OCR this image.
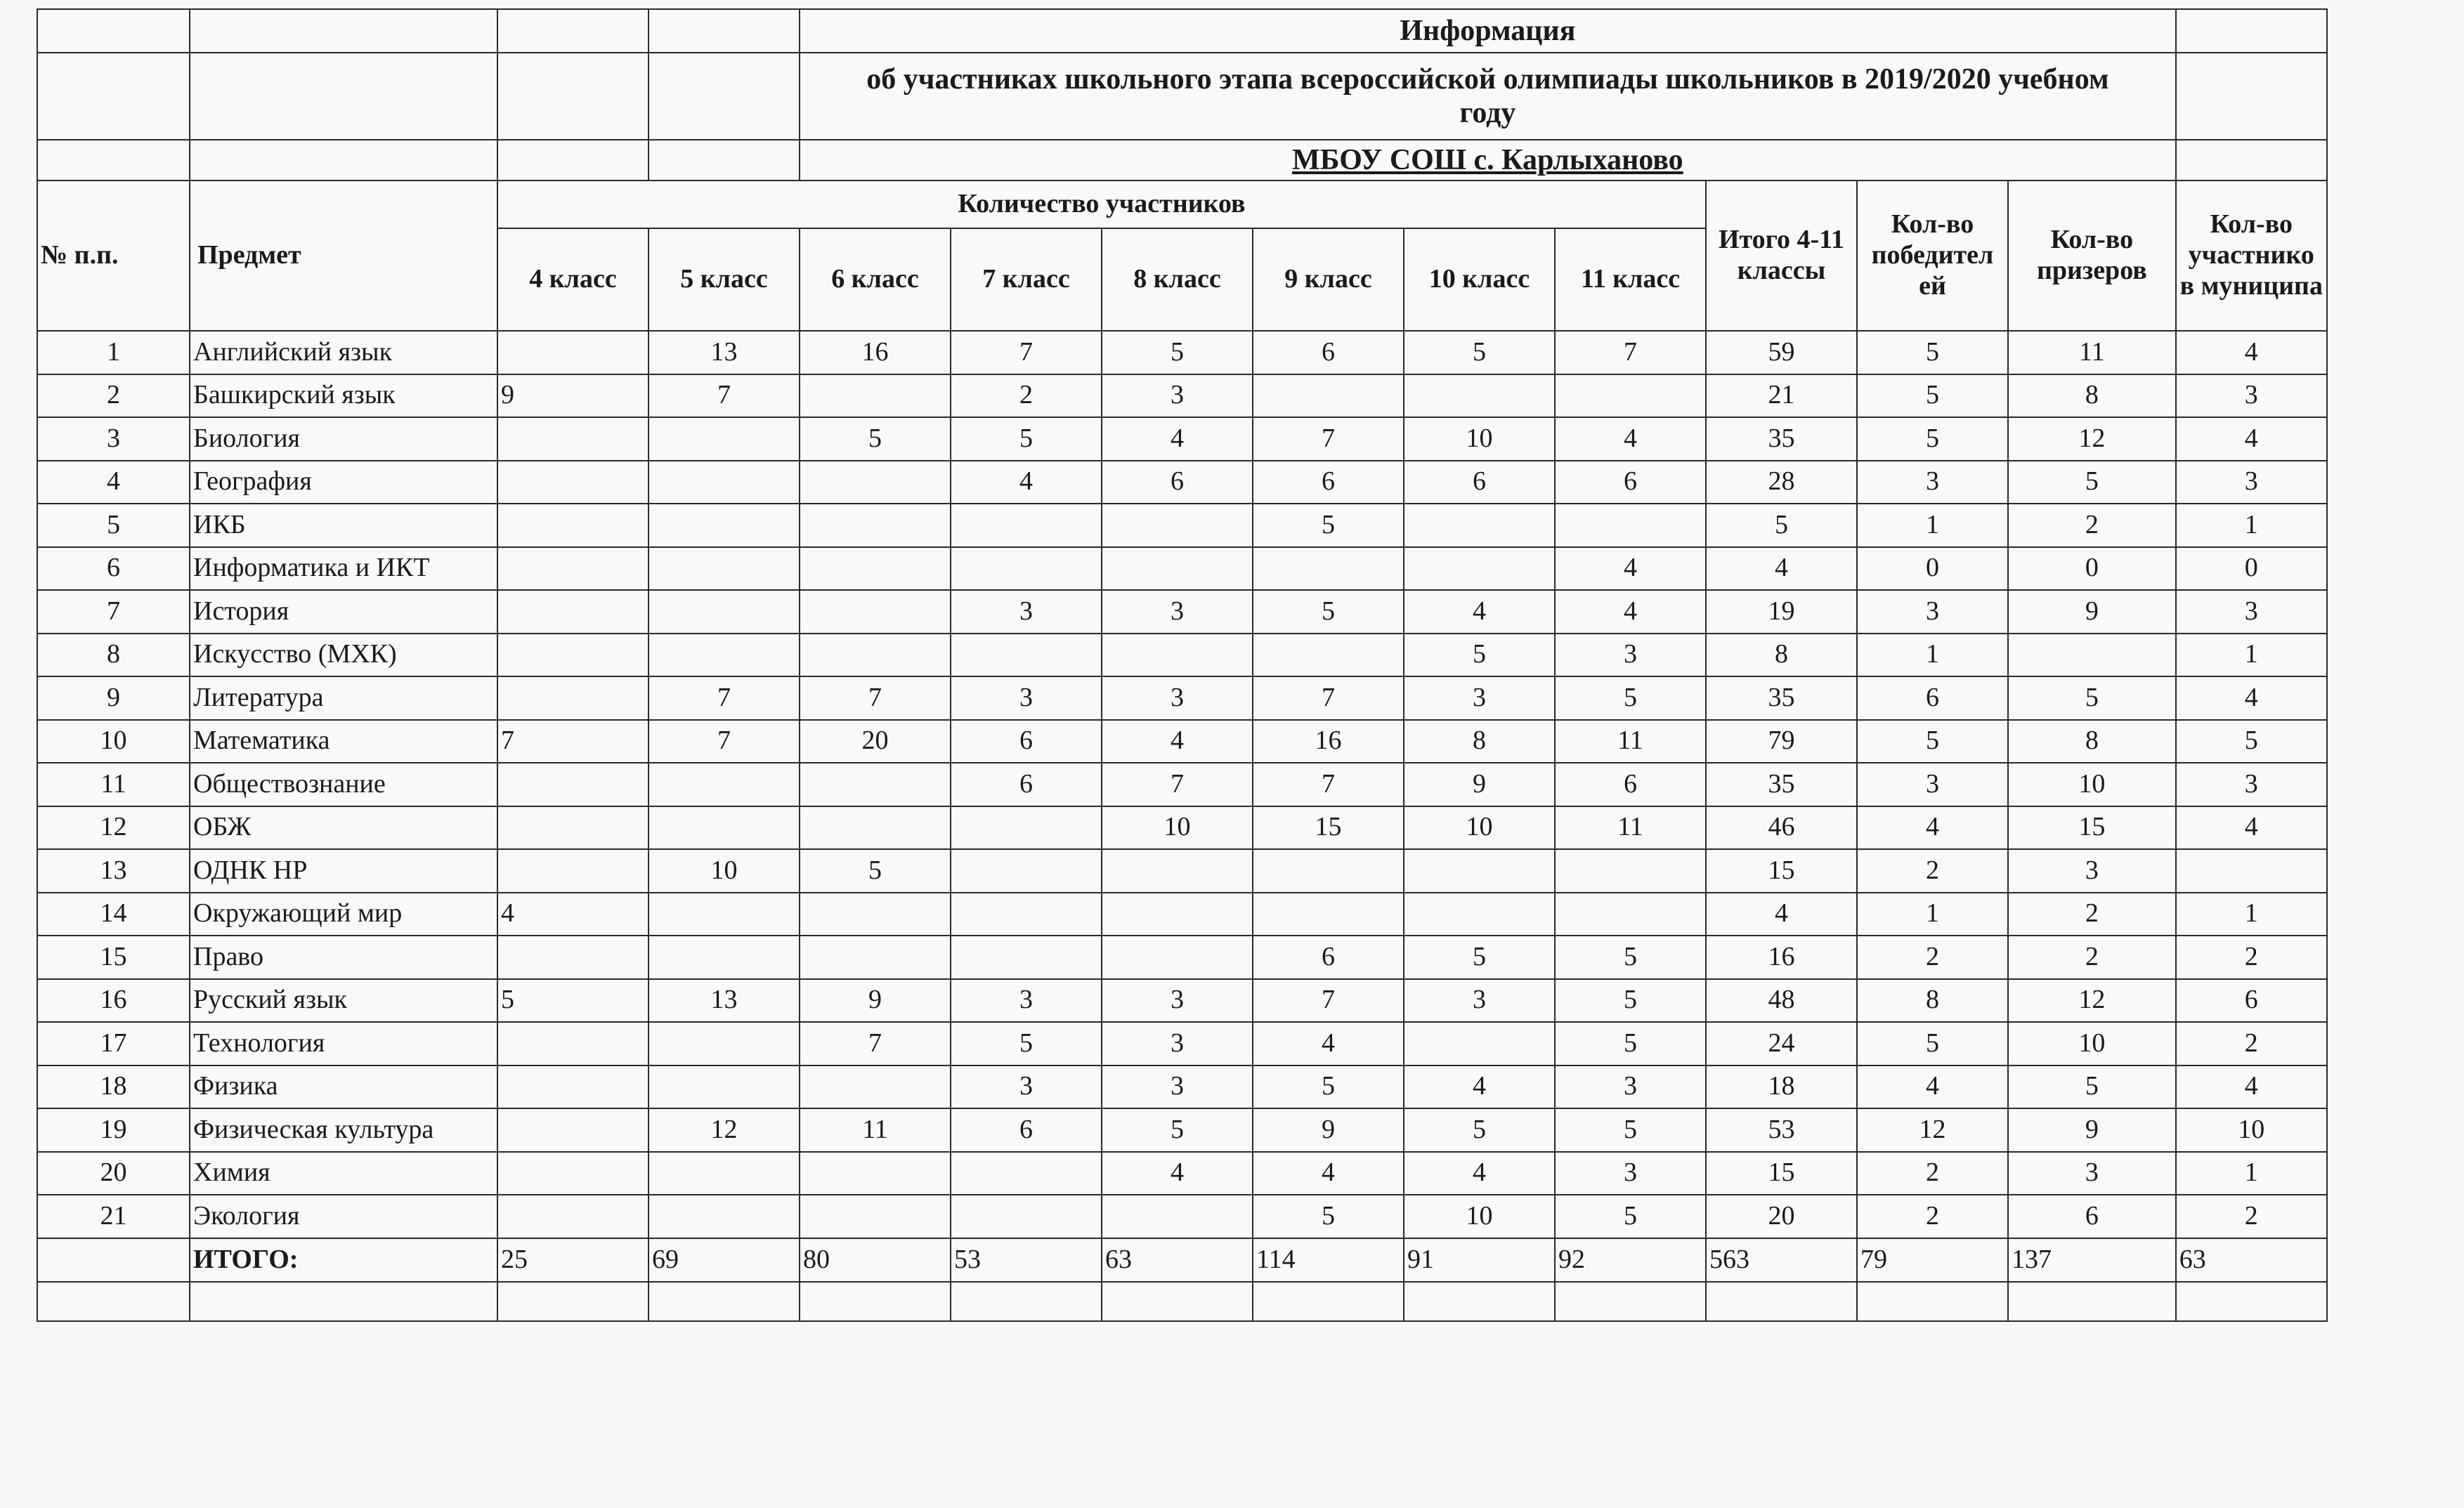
				Информация									
				об участниках школьного этапа всероссийской олимпиады школьников в 2019/2020 учебном году									
				МБОУ СОШ с. Карлыханово									
№ п.п.	Предмет	Количество участников								Итого 4-11 классы	Кол-во победител ей	Кол-во призеров	Кол-во участнико в муниципа
		4 класс	5 класс	6 класс	7 класс	8 класс	9 класс	10 класс	11 класс				
1	Английский язык		13	16	7	5	6	5	7	59	5	11	4
2	Башкирский язык	9	7		2	3				21	5	8	3
3	Биология			5	5	4	7	10	4	35	5	12	4
4	География				4	6	6	6	6	28	3	5	3
5	ИКБ						5			5	1	2	1
6	Информатика и ИКТ								4	4	0	0	0
7	История				3	3	5	4	4	19	3	9	3
8	Искусство (МХК)							5	3	8	1		1
9	Литература		7	7	3	3	7	3	5	35	6	5	4
10	Математика	7	7	20	6	4	16	8	11	79	5	8	5
11	Обществознание				6	7	7	9	6	35	3	10	3
12	ОБЖ					10	15	10	11	46	4	15	4
13	ОДНК НР		10	5						15	2	3	
14	Окружающий мир	4								4	1	2	1
15	Право						6	5	5	16	2	2	2
16	Русский язык	5	13	9	3	3	7	3	5	48	8	12	6
17	Технология			7	5	3	4		5	24	5	10	2
18	Физика				3	3	5	4	3	18	4	5	4
19	Физическая культура		12	11	6	5	9	5	5	53	12	9	10
20	Химия					4	4	4	3	15	2	3	1
21	Экология						5	10	5	20	2	6	2
	ИТОГО:	25	69	80	53	63	114	91	92	563	79	137	63
